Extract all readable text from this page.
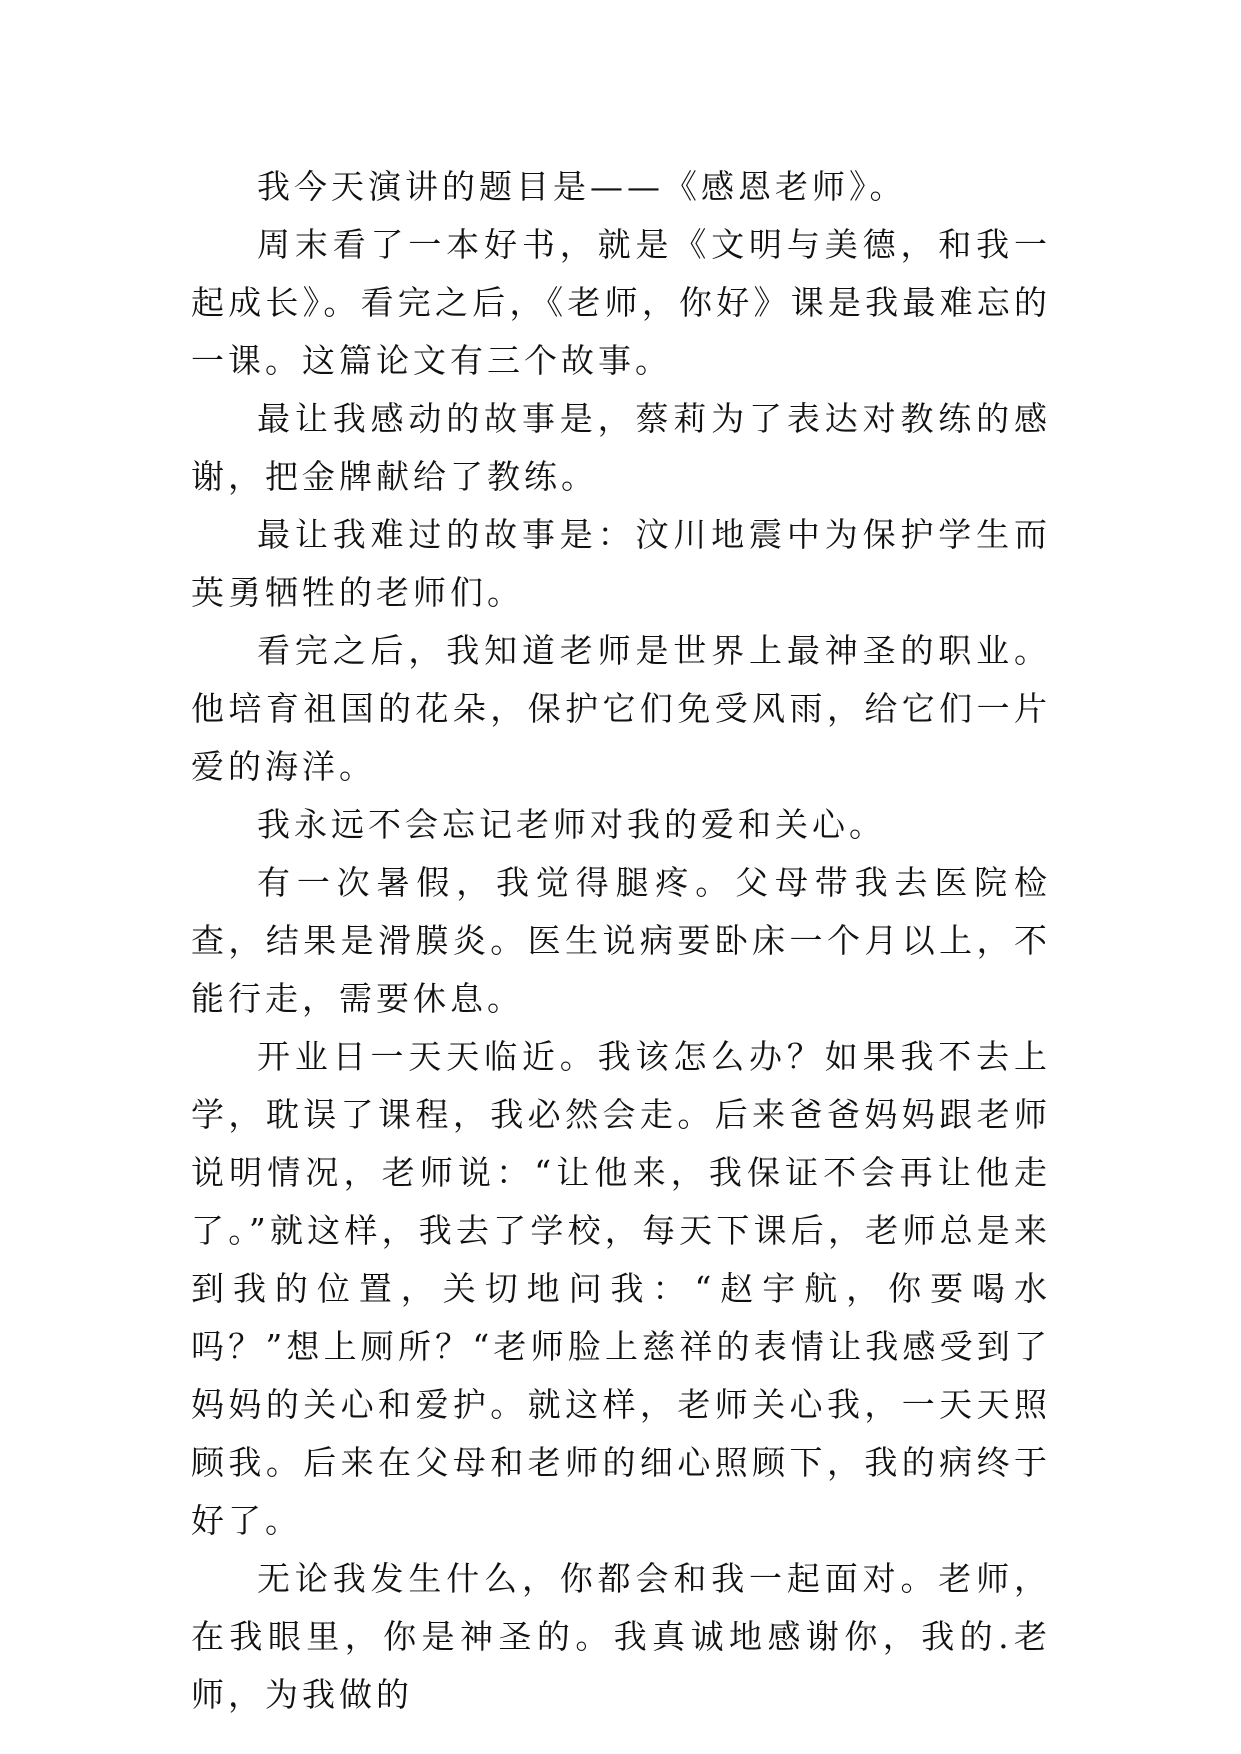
我今天演讲的题目是——《感恩老师》。

周末看了一本好书，就是《文明与美德，和我一起成长》。看完之后，《老师，你好》课是我最难忘的一课。这篇论文有三个故事。

最让我感动的故事是，蔡莉为了表达对教练的感谢，把金牌献给了教练。

最让我难过的故事是：汶川地震中为保护学生而英勇牺牲的老师们。

看完之后，我知道老师是世界上最神圣的职业。他培育祖国的花朵，保护它们免受风雨，给它们一片爱的海洋。

我永远不会忘记老师对我的爱和关心。

有一次暑假，我觉得腿疼。父母带我去医院检查，结果是滑膜炎。医生说病要卧床一个月以上，不能行走，需要休息。

开业日一天天临近。我该怎么办？如果我不去上学，耽误了课程，我必然会走。后来爸爸妈妈跟老师说明情况，老师说：“让他来，我保证不会再让他走了。”就这样，我去了学校，每天下课后，老师总是来到我的位置，关切地问我：“赵宇航，你要喝水吗？”想上厕所？“老师脸上慈祥的表情让我感受到了妈妈的关心和爱护。就这样，老师关心我，一天天照顾我。后来在父母和老师的细心照顾下，我的病终于好了。

无论我发生什么，你都会和我一起面对。老师，在我眼里，你是神圣的。我真诚地感谢你，我的.老师，为我做的
